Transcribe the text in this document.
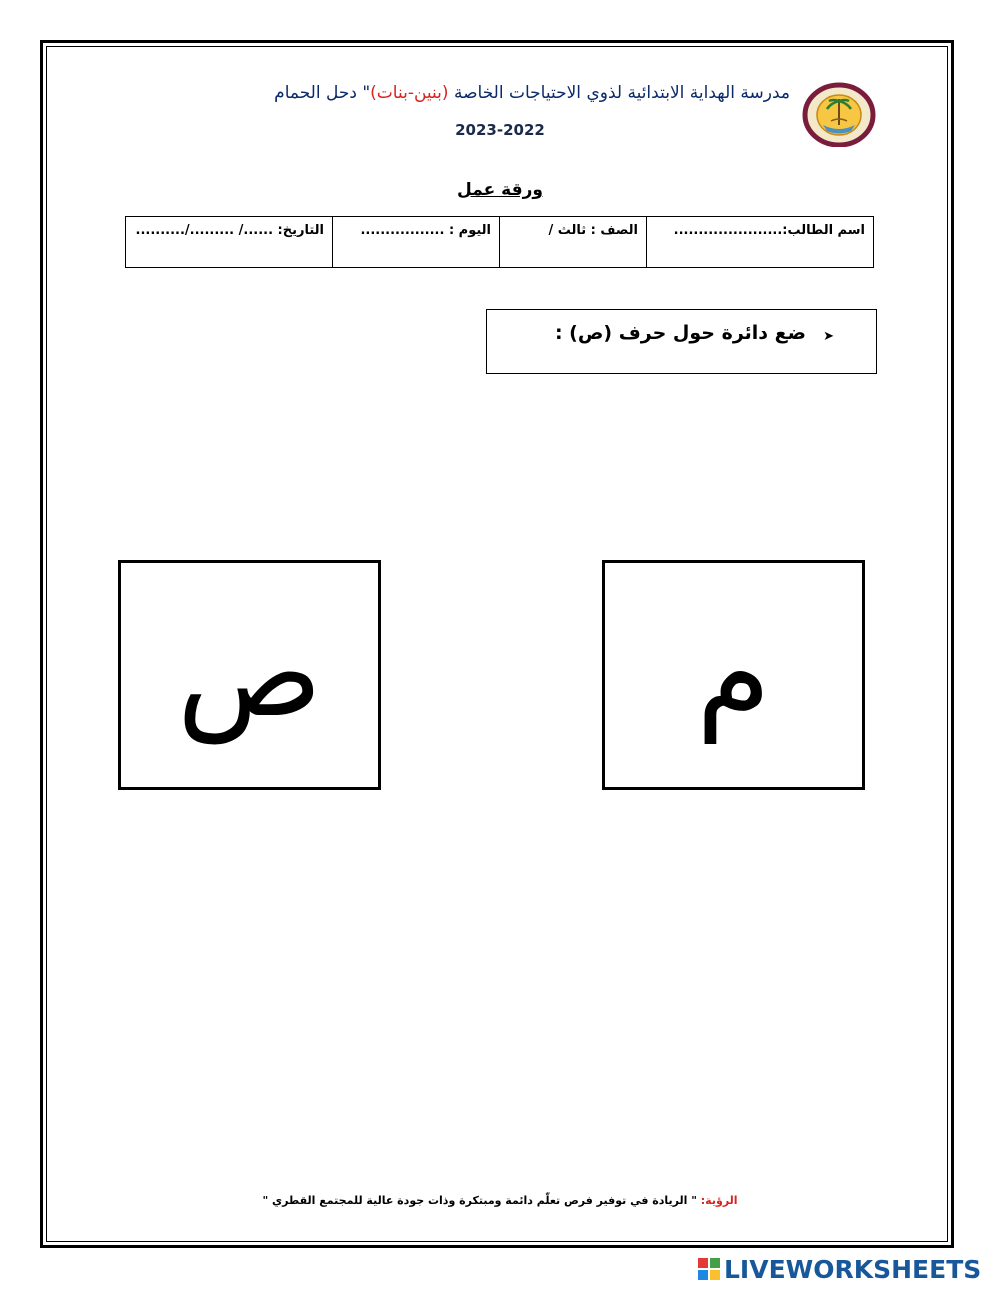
مدرسة الهداية الابتدائية لذوي الاحتياجات الخاصة (بنين-بنات)" دحل الحمام
2023-2022
ورقة عمل
اسم الطالب:......................	الصف : ثالث /	اليوم : .................	التاريخ: ....../ ........./..........
➤
ضع دائرة حول حرف (ص) :
ص	م
الرؤية: " الريادة في توفير فرص تعلّم دائمة ومبتكرة وذات جودة عالية للمجتمع القطري "
LIVEWORKSHEETS
